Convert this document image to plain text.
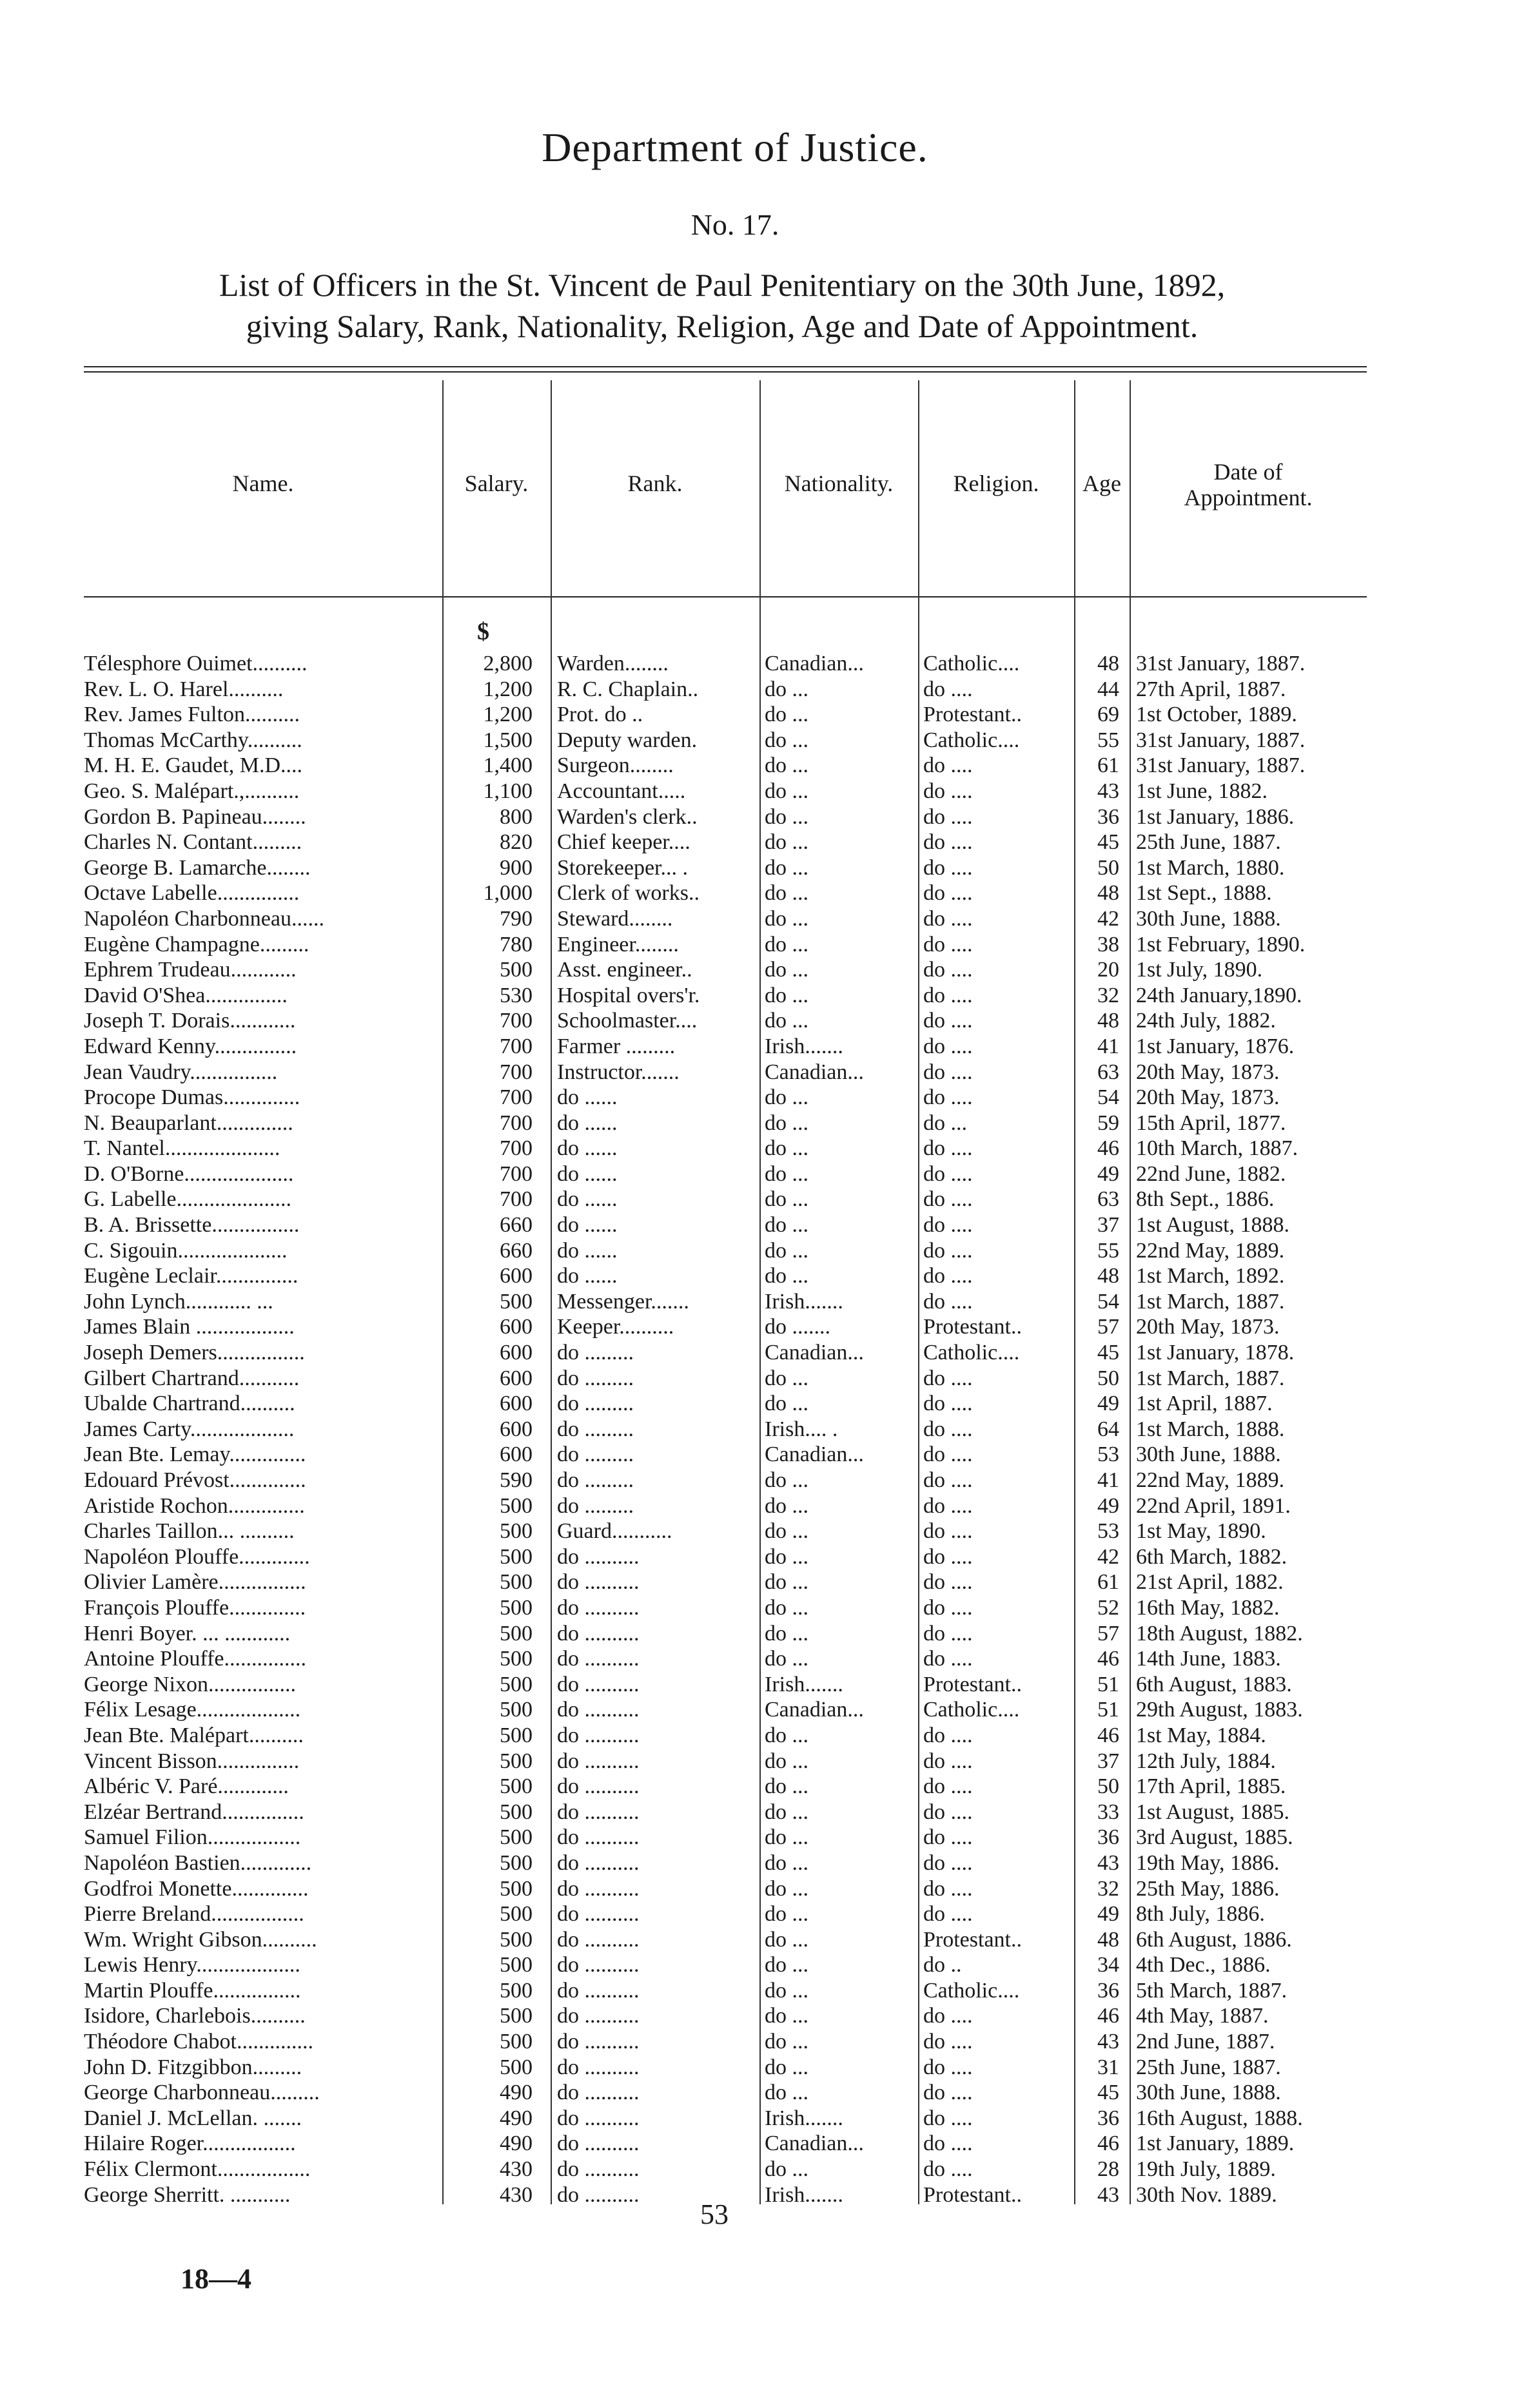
Department of Justice.
No. 17.
List of Officers in the St. Vincent de Paul Penitentiary on the 30th June, 1892,
giving Salary, Rank, Nationality, Religion, Age and Date of Appointment.
Name.	Salary.	Rank.	Nationality.	Religion.	Age	Date of
Appointment.
$
Télesphore Ouimet..........	2,800 Warden........	Canadian...	Catholic....	48 31st January, 1887.
Rev. L. O. Harel..........	1,200 R. C. Chaplain..	do ...	do ....	44 27th April, 1887.
Rev. James Fulton..........	1,200 Prot. do ..	do ...	Protestant..	69 1st October, 1889.
Thomas McCarthy..........	1,500 Deputy warden.	do ...	Catholic....	55 31st January, 1887.
M. H. E. Gaudet, M.D....	1,400 Surgeon........	do ...	do ....	61 31st January, 1887.
Geo. S. Malépart.,..........	1,100 Accountant.....	do ...	do ....	43 1st June, 1882.
Gordon B. Papineau........	800 Warden's clerk..	do ...	do ....	36 1st January, 1886.
Charles N. Contant.........	820 Chief keeper....	do ...	do ....	45 25th June, 1887.
George B. Lamarche........	900 Storekeeper... .	do ...	do ....	50 1st March, 1880.
Octave Labelle...............	1,000 Clerk of works..	do ...	do ....	48 1st Sept., 1888.
Napoléon Charbonneau......	790 Steward........	do ...	do ....	42 30th June, 1888.
Eugène Champagne.........	780 Engineer........	do ...	do ....	38 1st February, 1890.
Ephrem Trudeau............	500 Asst. engineer..	do ...	do ....	20 1st July, 1890.
David O'Shea...............	530 Hospital overs'r.	do ...	do ....	32 24th January,1890.
Joseph T. Dorais............	700 Schoolmaster....	do ...	do ....	48 24th July, 1882.
Edward Kenny...............	700 Farmer .........	Irish.......	do ....	41 1st January, 1876.
Jean Vaudry................	700 Instructor.......	Canadian...	do ....	63 20th May, 1873.
Procope Dumas..............	700 do ......	do ...	do ....	54 20th May, 1873.
N. Beauparlant..............	700 do ......	do ...	do ...	59 15th April, 1877.
T. Nantel.....................	700 do ......	do ...	do ....	46 10th March, 1887.
D. O'Borne....................	700 do ......	do ...	do ....	49 22nd June, 1882.
G. Labelle.....................	700 do ......	do ...	do ....	63 8th Sept., 1886.
B. A. Brissette................	660 do ......	do ...	do ....	37 1st August, 1888.
C. Sigouin....................	660 do ......	do ...	do ....	55 22nd May, 1889.
Eugène Leclair...............	600 do ......	do ...	do ....	48 1st March, 1892.
John Lynch............ ...	500 Messenger.......	Irish.......	do ....	54 1st March, 1887.
James Blain ..................	600 Keeper..........	do .......	Protestant..	57 20th May, 1873.
Joseph Demers................	600 do .........	Canadian...	Catholic....	45 1st January, 1878.
Gilbert Chartrand...........	600 do .........	do ...	do ....	50 1st March, 1887.
Ubalde Chartrand..........	600 do .........	do ...	do ....	49 1st April, 1887.
James Carty...................	600 do .........	Irish.... .	do ....	64 1st March, 1888.
Jean Bte. Lemay..............	600 do .........	Canadian...	do ....	53 30th June, 1888.
Edouard Prévost..............	590 do .........	do ...	do ....	41 22nd May, 1889.
Aristide Rochon..............	500 do .........	do ...	do ....	49 22nd April, 1891.
Charles Taillon... ..........	500 Guard...........	do ...	do ....	53 1st May, 1890.
Napoléon Plouffe.............	500 do ..........	do ...	do ....	42 6th March, 1882.
Olivier Lamère................	500 do ..........	do ...	do ....	61 21st April, 1882.
François Plouffe..............	500 do ..........	do ...	do ....	52 16th May, 1882.
Henri Boyer. ... ............	500 do ..........	do ...	do ....	57 18th August, 1882.
Antoine Plouffe...............	500 do ..........	do ...	do ....	46 14th June, 1883.
George Nixon................	500 do ..........	Irish.......	Protestant..	51 6th August, 1883.
Félix Lesage...................	500 do ..........	Canadian...	Catholic....	51 29th August, 1883.
Jean Bte. Malépart..........	500 do ..........	do ...	do ....	46 1st May, 1884.
Vincent Bisson...............	500 do ..........	do ...	do ....	37 12th July, 1884.
Albéric V. Paré.............	500 do ..........	do ...	do ....	50 17th April, 1885.
Elzéar Bertrand...............	500 do ..........	do ...	do ....	33 1st August, 1885.
Samuel Filion.................	500 do ..........	do ...	do ....	36 3rd August, 1885.
Napoléon Bastien.............	500 do ..........	do ...	do ....	43 19th May, 1886.
Godfroi Monette..............	500 do ..........	do ...	do ....	32 25th May, 1886.
Pierre Breland.................	500 do ..........	do ...	do ....	49 8th July, 1886.
Wm. Wright Gibson..........	500 do ..........	do ...	Protestant..	48 6th August, 1886.
Lewis Henry...................	500 do ..........	do ...	do ..	34 4th Dec., 1886.
Martin Plouffe................	500 do ..........	do ...	Catholic....	36 5th March, 1887.
Isidore, Charlebois..........	500 do ..........	do ...	do ....	46 4th May, 1887.
Théodore Chabot..............	500 do ..........	do ...	do ....	43 2nd June, 1887.
John D. Fitzgibbon.........	500 do ..........	do ...	do ....	31 25th June, 1887.
George Charbonneau.........	490 do ..........	do ...	do ....	45 30th June, 1888.
Daniel J. McLellan. .......	490 do ..........	Irish.......	do ....	36 16th August, 1888.
Hilaire Roger.................	490 do ..........	Canadian...	do ....	46 1st January, 1889.
Félix Clermont.................	430 do ..........	do ...	do ....	28 19th July, 1889.
George Sherritt. ...........	430 do ..........	Irish.......	Protestant..	43 30th Nov. 1889.
53
18—4
